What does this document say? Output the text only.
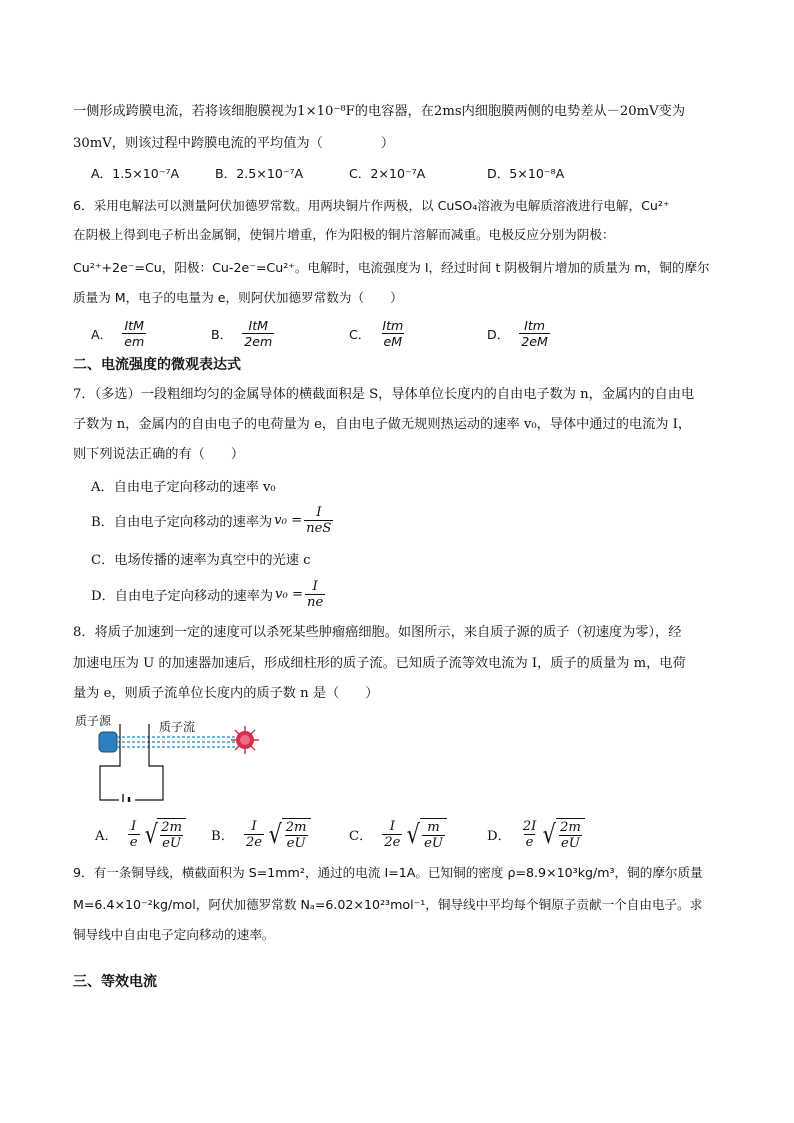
一侧形成跨膜电流，若将该细胞膜视为1×10⁻⁸F的电容器，在2ms内细胞膜两侧的电势差从－20mV变为
30mV，则该过程中跨膜电流的平均值为（	）
A．1.5×10⁻⁷A	B．2.5×10⁻⁷A	C．2×10⁻⁷A	D．5×10⁻⁸A
6．采用电解法可以测量阿伏加德罗常数。用两块铜片作两极，以 CuSO₄溶液为电解质溶液进行电解，Cu²⁺
在阴极上得到电子析出金属铜，使铜片增重，作为阳极的铜片溶解而减重。电极反应分别为阴极：
Cu²⁺+2e⁻=Cu，阳极：Cu-2e⁻=Cu²⁺。电解时，电流强度为 I，经过时间 t 阴极铜片增加的质量为 m，铜的摩尔
质量为 M，电子的电量为 e，则阿伏加德罗常数为（ ）
A． $\frac{\text{ItM}}{em}$	B． $\frac{\text{ItM}}{2em}$	C． $\frac{\text{Itm}}{eM}$	D． $\frac{\text{Itm}}{2eM}$
二、电流强度的微观表达式
7．（多选）一段粗细均匀的金属导体的横截面积是 S，导体单位长度内的自由电子数为 n，金属内的自由电
子数为 n，金属内的自由电子的电荷量为 e，自由电子做无规则热运动的速率 v₀，导体中通过的电流为 I，
则下列说法正确的有（ ）
A．自由电子定向移动的速率 v₀
B．自由电子定向移动的速率为 $v_0 = \frac{I}{\text{neS}}$
C．电场传播的速率为真空中的光速 c
D．自由电子定向移动的速率为 $v_0 = \frac{I}{ne}$
8．将质子加速到一定的速度可以杀死某些肿瘤癌细胞。如图所示，来自质子源的质子（初速度为零），经
加速电压为 U 的加速器加速后，形成细柱形的质子流。已知质子流等效电流为 I，质子的质量为 m，电荷
量为 e，则质子流单位长度内的质子数 n 是（ ）
质子源	质子流
A． $\frac{I}{e}$ √ $\frac{2m}{eU}$ B． $\frac{I}{2e}$ √ $\frac{2m}{eU}$	C． $\frac{I}{2e}$ √ $\frac{m}{eU}$	D． $\frac{2I}{e}$ √ $\frac{2m}{eU}$
9．有一条铜导线，横截面积为 S=1mm²，通过的电流 I=1A。已知铜的密度 ρ=8.9×10³kg/m³，铜的摩尔质量
M=6.4×10⁻²kg/mol，阿伏加德罗常数 Nₐ=6.02×10²³mol⁻¹，铜导线中平均每个铜原子贡献一个自由电子。求
铜导线中自由电子定向移动的速率。
三、等效电流
